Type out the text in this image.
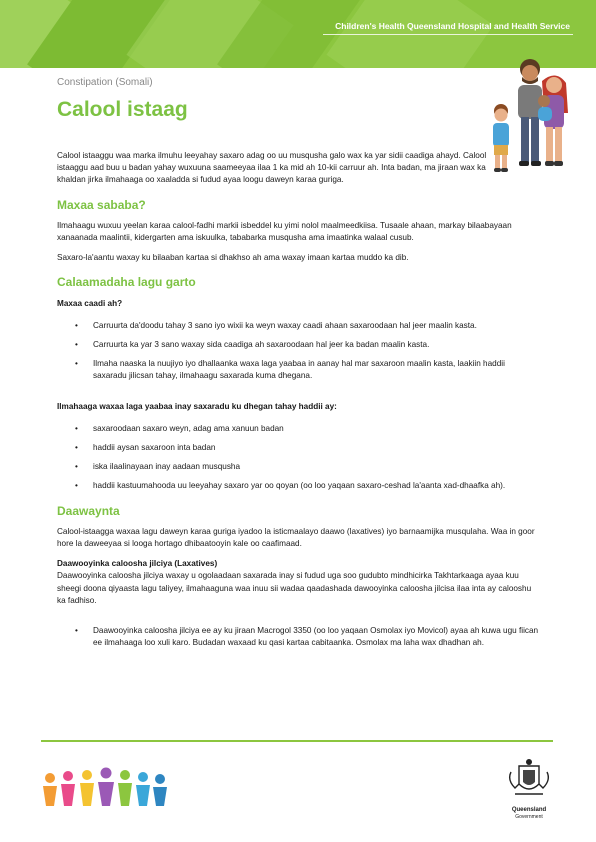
Children's Health Queensland Hospital and Health Service
Constipation (Somali)
Calool istaag

Calool istaaggu waa marka ilmuhu leeyahay saxaro adag oo uu musqusha galo wax ka yar sidii caadiga ahayd. Calool istaaggu aad buu u badan yahay wuxuuna saameeyaa ilaa 1 ka mid ah 10-kii carruur ah. Inta badan, ma jiraan wax ka khaldan jirka ilmahaaga oo xaaladda si fudud ayaa loogu daweyn karaa guriga.

Maxaa sababa?

Ilmahaagu wuxuu yeelan karaa calool-fadhi markii isbeddel ku yimi nolol maalmeedkiisa. Tusaale ahaan, markay bilaabayaan xanaanada maalintii, kidergarten ama iskuulka, tababarka musqusha ama imaatinka walaal cusub.

Saxaro-la'aantu waxay ku bilaaban kartaa si dhakhso ah ama waxay imaan kartaa muddo ka dib.

Calaamadaha lagu garto
Maxaa caadi ah?
• Carruurta da'doodu tahay 3 sano iyo wixii ka weyn waxay caadi ahaan saxaroodaan hal jeer maalin kasta.
• Carruurta ka yar 3 sano waxay sida caadiga ah saxaroodaan hal jeer ka badan maalin kasta.
• Ilmaha naaska la nuujiyo iyo dhallaanka waxa laga yaabaa in aanay hal mar saxaroon maalin kasta, laakiin haddii saxaradu jilicsan tahay, ilmahaagu saxarada kuma dhegana.
Ilmahaaga waxaa laga yaabaa inay saxaradu ku dhegan tahay haddii ay:
• saxaroodaan saxaro weyn, adag ama xanuun badan
• haddii aysan saxaroon inta badan
• iska ilaalinayaan inay aadaan musqusha
• haddii kastuumahooda uu leeyahay saxaro yar oo qoyan (oo loo yaqaan saxaro-ceshad la'aanta xad-dhaafka ah).
Daawaynta

Calool-istaagga waxaa lagu daweyn karaa guriga iyadoo la isticmaalayo daawo (laxatives) iyo barnaamijka musqulaha. Waa in goor hore la daweeyaa si looga hortago dhibaatooyin kale oo caafimaad.

Daawooyinka caloosha jilciya (Laxatives)

Daawooyinka caloosha jilciya waxay u ogolaadaan saxarada inay si fudud uga soo gudubto mindhicirka Takhtarkaaga ayaa kuu sheegi doona qiyaasta lagu taliyey, ilmahaaguna waa inuu sii wadaa qaadashada dawooyinka caloosha jilcisa ilaa inta ay calooshu ka fadhiso.

• Daawooyinka caloosha jilciya ee ay ku jiraan Macrogol 3350 (oo loo yaqaan Osmolax iyo Movicol) ayaa ah kuwa ugu fiican ee ilmahaaga loo xuli karo. Budadan waxaad ku qasi kartaa cabitaanka. Osmolax ma laha wax dhadhan ah.
Queensland
Government
